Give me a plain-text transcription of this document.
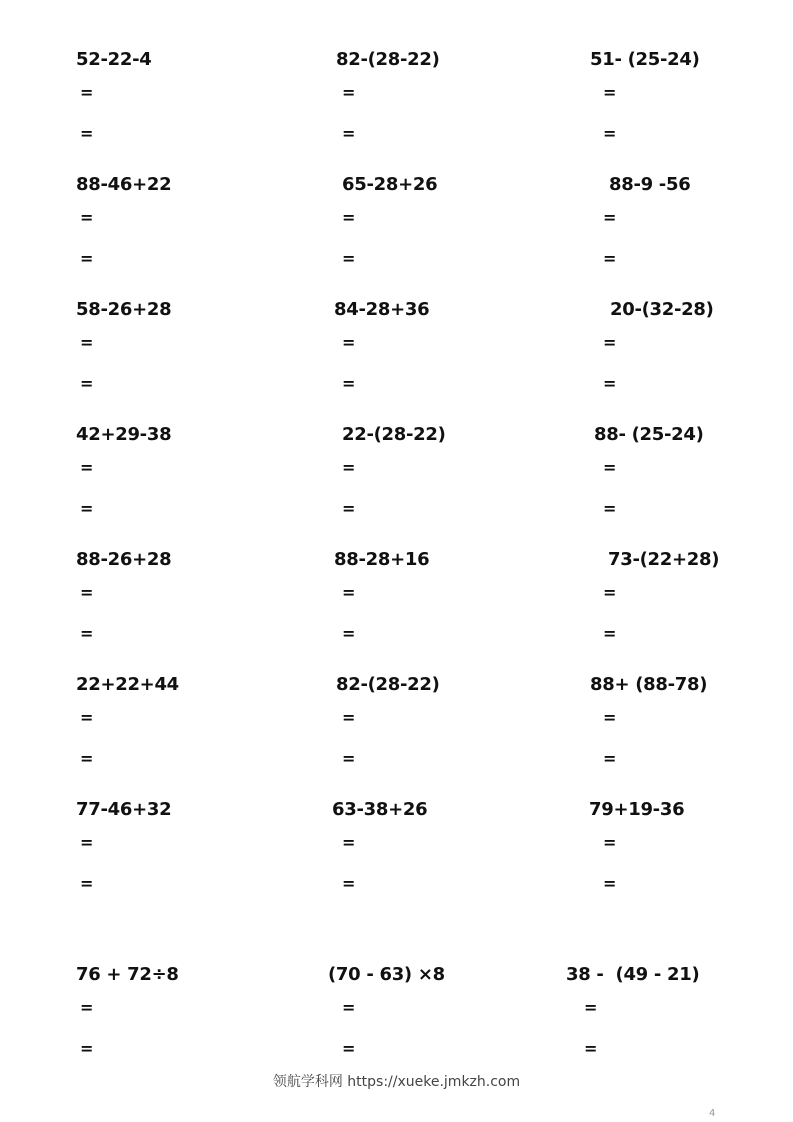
52-22-4
=
=
82-(28-22)
=
=
51- (25-24)
=
=
88-46+22
=
=
65-28+26
=
=
88-9 -56
=
=
58-26+28
=
=
84-28+36
=
=
20-(32-28)
=
=
42+29-38
=
=
22-(28-22)
=
=
88- (25-24)
=
=
88-26+28
=
=
88-28+16
=
=
73-(22+28)
=
=
22+22+44
=
=
82-(28-22)
=
=
88+ (88-78)
=
=
77-46+32
=
=
63-38+26
=
=
79+19-36
=
=
76 + 72÷8
=
=
(70 - 63) ×8
=
=
38 -  (49 - 21)
=
=
领航学科网 https://xueke.jmkzh.com
4
